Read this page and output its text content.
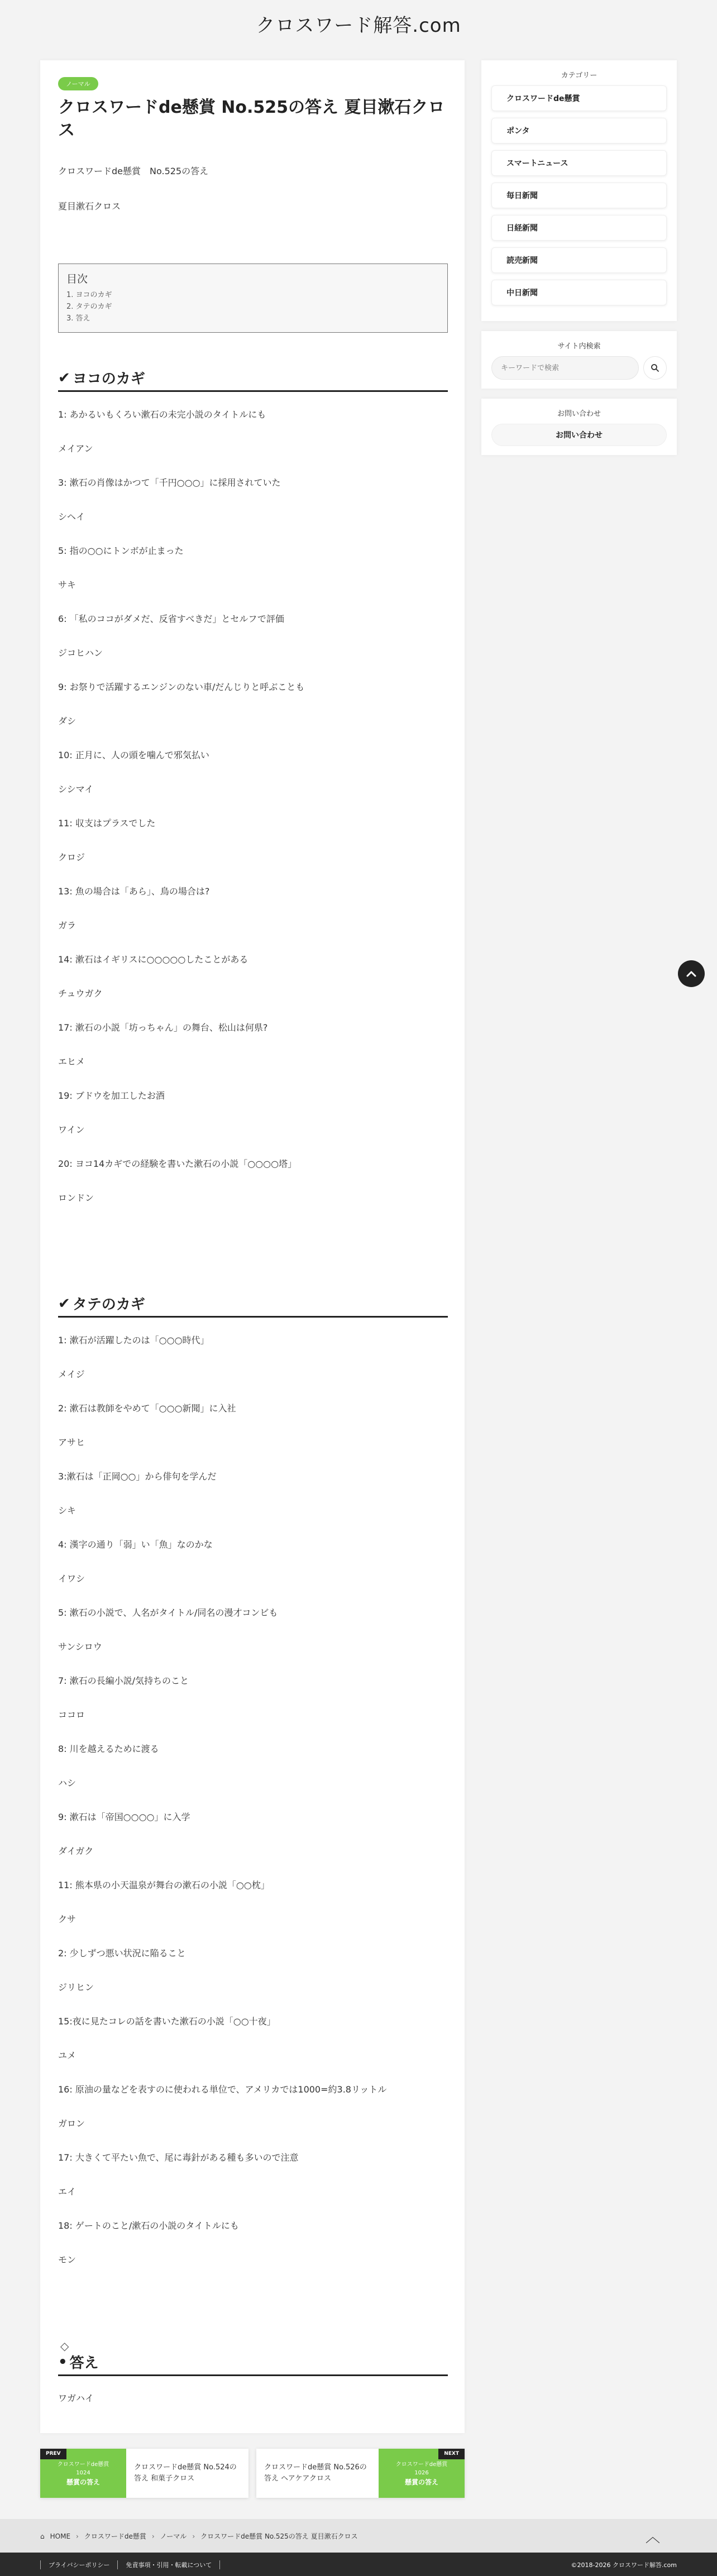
クロスワード解答.com
ノーマル
クロスワードde懸賞 No.525の答え 夏目漱石クロス

クロスワードde懸賞　No.525の答え

夏目漱石クロス

目次
1. ヨコのカギ
2. タテのカギ
3. 答え
✔ ヨコのカギ

1: あかるいもくろい漱石の未完小説のタイトルにも

メイアン

3: 漱石の肖像はかつて「千円○○○」に採用されていた

シヘイ

5: 指の○○にトンボが止まった

サキ

6: 「私のココがダメだ、反省すべきだ」とセルフで評価

ジコヒハン

9: お祭りで活躍するエンジンのない車/だんじりと呼ぶことも

ダシ

10: 正月に、人の頭を噛んで邪気払い

シシマイ

11: 収支はプラスでした

クロジ

13: 魚の場合は「あら」、鳥の場合は?

ガラ

14: 漱石はイギリスに○○○○○したことがある

チュウガク

17: 漱石の小説「坊っちゃん」の舞台、松山は何県?

エヒメ

19: ブドウを加工したお酒

ワイン

20: ヨコ14カギでの経験を書いた漱石の小説「○○○○塔」

ロンドン

✔ タテのカギ

1: 漱石が活躍したのは「○○○時代」

メイジ

2: 漱石は教師をやめて「○○○新聞」に入社

アサヒ

3:漱石は「正岡○○」から俳句を学んだ

シキ

4: 漢字の通り「弱」い「魚」なのかな

イワシ

5: 漱石の小説で、人名がタイトル/同名の漫才コンビも

サンシロウ

7: 漱石の長編小説/気持ちのこと

ココロ

8: 川を越えるために渡る

ハシ

9: 漱石は「帝国○○○○」に入学

ダイガク

11: 熊本県の小天温泉が舞台の漱石の小説「○○枕」

クサ

2: 少しずつ悪い状況に陥ること

ジリヒン

15:夜に見たコレの話を書いた漱石の小説「○○十夜」

ユメ

16: 原油の量などを表すのに使われる単位で、アメリカでは1000=約3.8リットル

ガロン

17: 大きくて平たい魚で、尾に毒針がある種も多いので注意

エイ

18: ゲートのこと/漱石の小説のタイトルにも

モン

◇
• 答え

ワガハイ

カテゴリー
クロスワードde懸賞
ポンタ
スマートニュース
毎日新聞
日経新聞
読売新聞
中日新聞
サイト内検索
キーワードで検索
お問い合わせ
お問い合わせ
PREV
クロスワードde懸賞
1024
懸賞の答え
クロスワードde懸賞 No.524の答え 和菓子クロス
NEXT
クロスワードde懸賞
1026
懸賞の答え
クロスワードde懸賞 No.526の答え ヘアケアクロス
⌂ HOME › クロスワードde懸賞 › ノーマル › クロスワードde懸賞 No.525の答え 夏目漱石クロス	︿
プライバシーポリシー	免責事項・引用・転載について	©2018-2026 クロスワード解答.com
